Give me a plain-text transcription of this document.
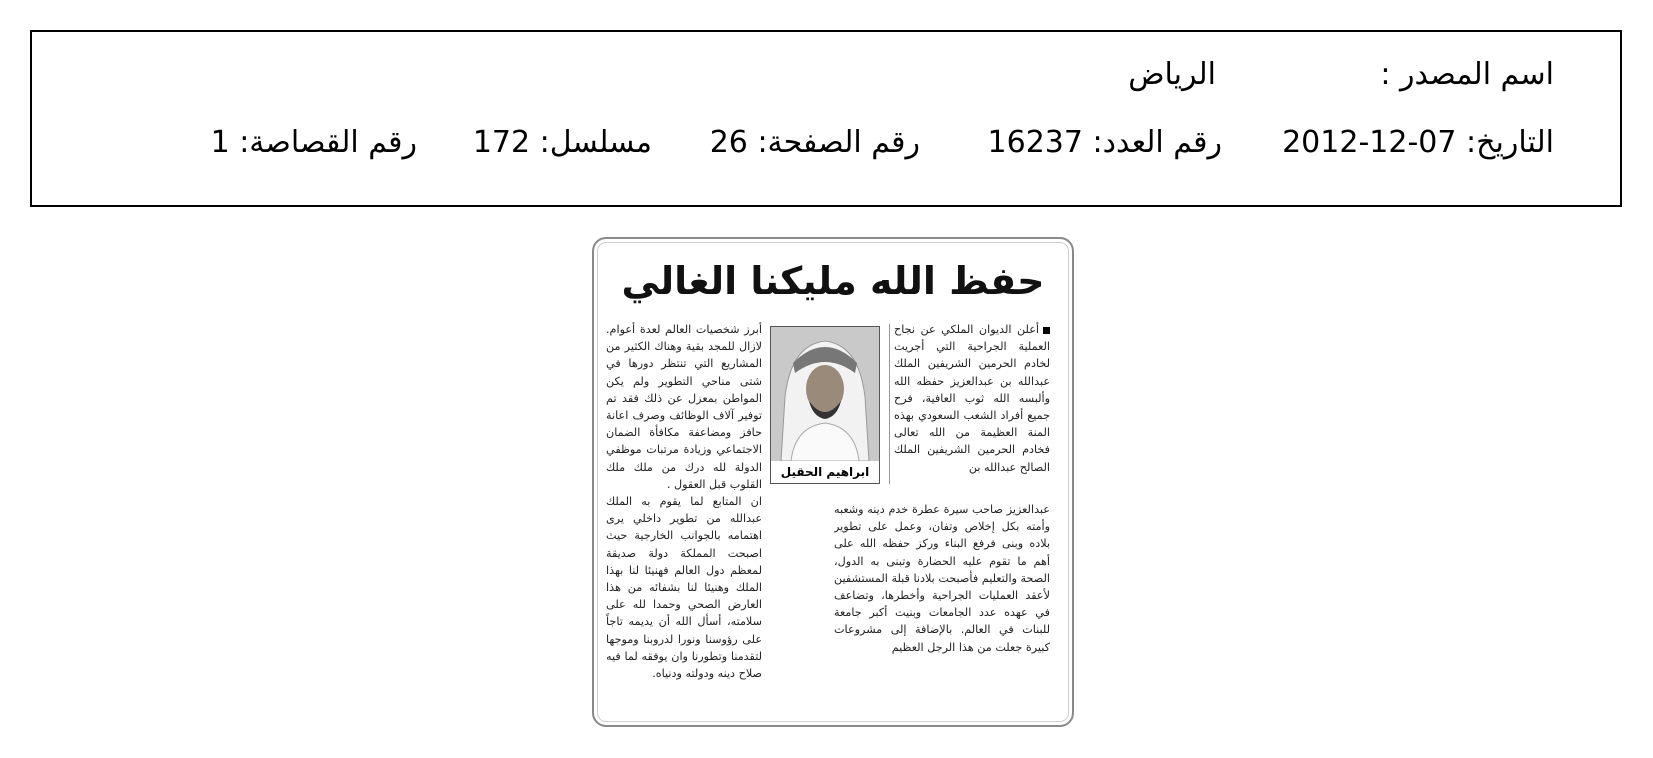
اسم المصدر :
الرياض
التاريخ: 07-12-2012
رقم العدد: 16237
رقم الصفحة: 26
مسلسل: 172
رقم القصاصة: 1
حفظ الله مليكنا الغالي
أعلن الديوان الملكي عن نجاح العملية الجراحية التي أجريت لخادم الحرمين الشريفين الملك عبدالله بن عبدالعزيز حفظه الله وألبسه الله ثوب العافية، فرح جميع أفراد الشعب السعودي بهذه المنة العظيمة من الله تعالى فخادم الحرمين الشريفين الملك الصالح عبدالله بن
ابراهيم الحقيل

عبدالعزيز صاحب سيرة عطرة خدم دينه وشعبه وأمته بكل إخلاص وتفان، وعمل على تطوير بلاده وبنى فرفع البناء وركز حفظه الله على أهم ما تقوم عليه الحضارة وتبنى به الدول، الصحة والتعليم فأصبحت بلادنا قبلة المستشفين لأعقد العمليات الجراحية وأخطرها، وتضاعف في عهده عدد الجامعات وبنيت أكبر جامعة للبنات في العالم. بالإضافة إلى مشروعات كبيرة جعلت من هذا الرجل العظيم

أبرز شخصيات العالم لعدة أعوام. لازال للمجد بقية وهناك الكثير من المشاريع التي تنتظر دورها في شتى مناحي التطوير ولم يكن المواطن بمعزل عن ذلك فقد تم توفير آلاف الوظائف وصرف اعانة حافز ومضاعفة مكافأة الضمان الاجتماعي وزيادة مرتبات موظفي الدولة لله درك من ملك ملك القلوب قبل العقول .

ان المتابع لما يقوم به الملك عبدالله من تطوير داخلي يرى اهتمامه بالجوانب الخارجية حيث اصبحت المملكة دولة صديقة لمعظم دول العالم فهنيئا لنا بهذا الملك وهنيئا لنا بشفائه من هذا العارض الصحي وحمدا لله على سلامته، أسأل الله أن يديمه تاجاً على رؤوسنا ونورا لدروبنا وموجها لتقدمنا وتطورنا وان يوفقه لما فيه صلاح دينه ودولته ودنياه.
